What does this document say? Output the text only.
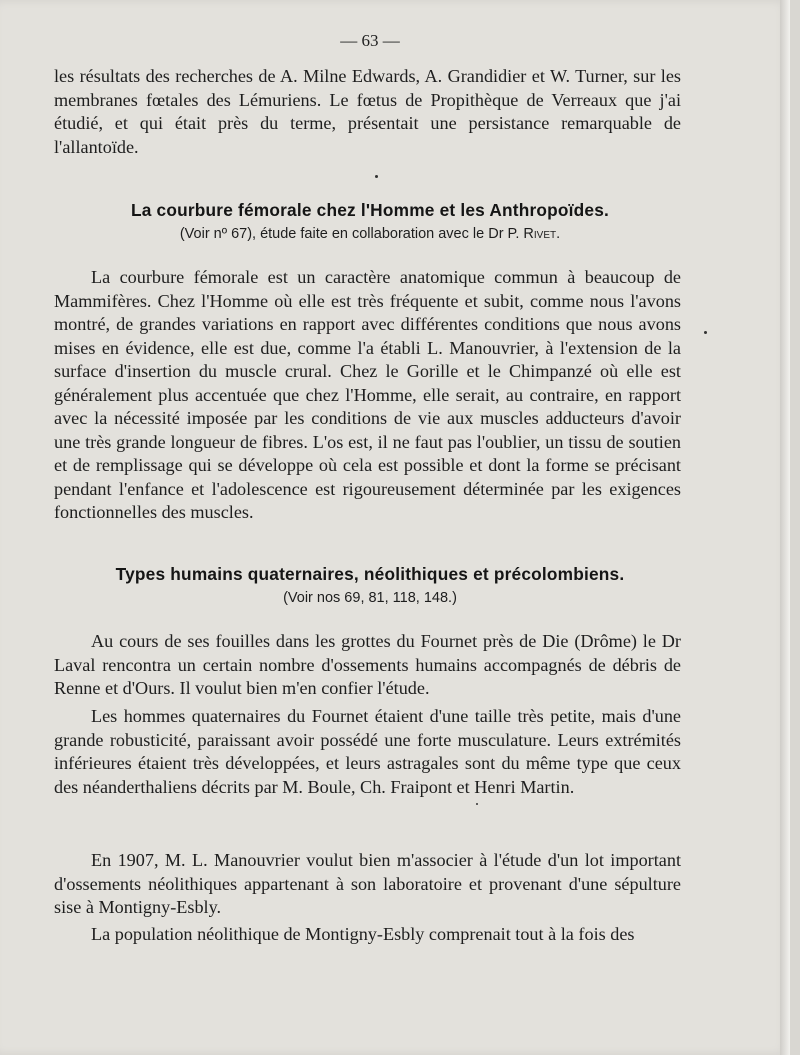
— 63 —

les résultats des recherches de A. Milne Edwards, A. Grandidier et W. Turner, sur les membranes fœtales des Lémuriens. Le fœtus de Propithèque de Verreaux que j'ai étudié, et qui était près du terme, présentait une persistance remarquable de l'allantoïde.

La courbure fémorale chez l'Homme et les Anthropoïdes.
(Voir nº 67), étude faite en collaboration avec le Dr P. Rivet.

La courbure fémorale est un caractère anatomique commun à beaucoup de Mammifères. Chez l'Homme où elle est très fréquente et subit, comme nous l'avons montré, de grandes variations en rapport avec différentes conditions que nous avons mises en évidence, elle est due, comme l'a établi L. Manouvrier, à l'extension de la surface d'insertion du muscle crural. Chez le Gorille et le Chimpanzé où elle est généralement plus accentuée que chez l'Homme, elle serait, au contraire, en rapport avec la nécessité imposée par les conditions de vie aux muscles adducteurs d'avoir une très grande longueur de fibres. L'os est, il ne faut pas l'oublier, un tissu de soutien et de remplissage qui se développe où cela est possible et dont la forme se précisant pendant l'enfance et l'adolescence est rigoureusement déterminée par les exigences fonctionnelles des muscles.

Types humains quaternaires, néolithiques et précolombiens.
(Voir nos 69, 81, 118, 148.)

Au cours de ses fouilles dans les grottes du Fournet près de Die (Drôme) le Dr Laval rencontra un certain nombre d'ossements humains accompagnés de débris de Renne et d'Ours. Il voulut bien m'en confier l'étude.

Les hommes quaternaires du Fournet étaient d'une taille très petite, mais d'une grande robusticité, paraissant avoir possédé une forte musculature. Leurs extrémités inférieures étaient très développées, et leurs astragales sont du même type que ceux des néanderthaliens décrits par M. Boule, Ch. Fraipont et Henri Martin.

En 1907, M. L. Manouvrier voulut bien m'associer à l'étude d'un lot important d'ossements néolithiques appartenant à son laboratoire et provenant d'une sépulture sise à Montigny-Esbly.

La population néolithique de Montigny-Esbly comprenait tout à la fois des
